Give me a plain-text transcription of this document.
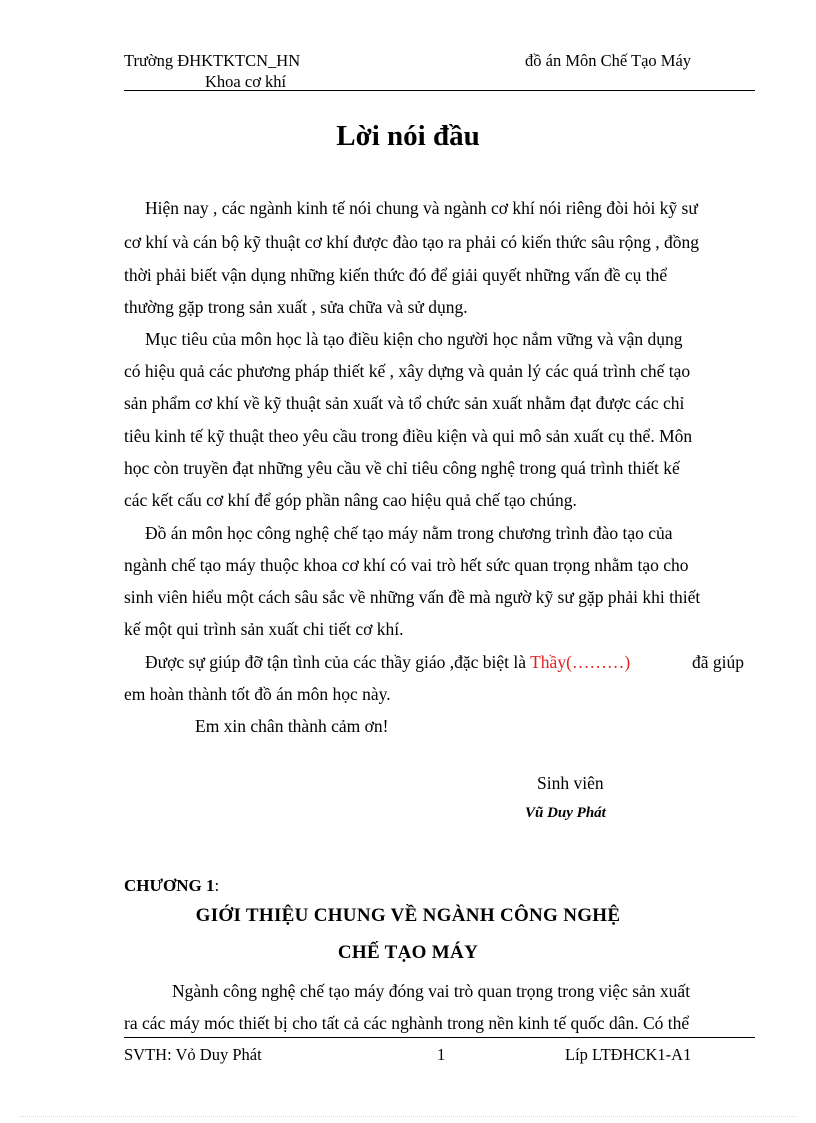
Trường ĐHKTKTCN_HN
Khoa cơ khí
đồ án Môn Chế Tạo Máy
Lời nói đầu
Hiện nay , các ngành kinh tế nói chung và ngành cơ khí nói riêng đòi hỏi kỹ sư
cơ khí và cán bộ kỹ thuật cơ khí được đào tạo ra phải có kiến thức sâu rộng , đồng
thời phải biết vận dụng những kiến thức đó để giải quyết những vấn đề cụ thể
thường gặp trong sản xuất , sửa chữa và sử dụng.
Mục tiêu của môn học là tạo điều kiện cho người học nắm vững và vận dụng
có hiệu quả các phương pháp thiết kế , xây dựng và quản lý các quá trình chế tạo
sản phẩm cơ khí về kỹ thuật sản xuất và tổ chức sản xuất nhằm đạt được các chỉ
tiêu kinh tế kỹ thuật theo yêu cầu trong điều kiện và qui mô sản xuất cụ thể. Môn
học còn truyền đạt những yêu cầu về chỉ tiêu công nghệ trong quá trình thiết kế
các kết cấu cơ khí để góp phần nâng cao hiệu quả chế tạo chúng.
Đồ án môn học công nghệ chế tạo máy nằm trong chương trình đào tạo của
ngành chế tạo máy thuộc khoa cơ khí có vai trò hết sức quan trọng nhằm tạo cho
sinh viên hiểu một cách sâu sắc về những vấn đề mà ngườ kỹ sư gặp phải khi thiết
kế một qui trình sản xuất chi tiết cơ khí.
Được sự giúp đỡ tận tình của các thầy giáo ,đặc biệt là Thầy(………)	đã giúp
em hoàn thành tốt đồ án môn học này.
Em xin chân thành cảm ơn!
Sinh viên
Vũ Duy Phát
CHƯƠNG 1:
GIỚI THIỆU CHUNG VỀ NGÀNH CÔNG NGHỆ
CHẾ TẠO MÁY
Ngành công nghệ chế tạo máy đóng vai trò quan trọng trong việc sản xuất
ra các máy móc thiết bị cho tất cả các nghành trong nền kinh tế quốc dân. Có thể
SVTH: Vỏ Duy Phát	1	Líp LTĐHCK1-A1
